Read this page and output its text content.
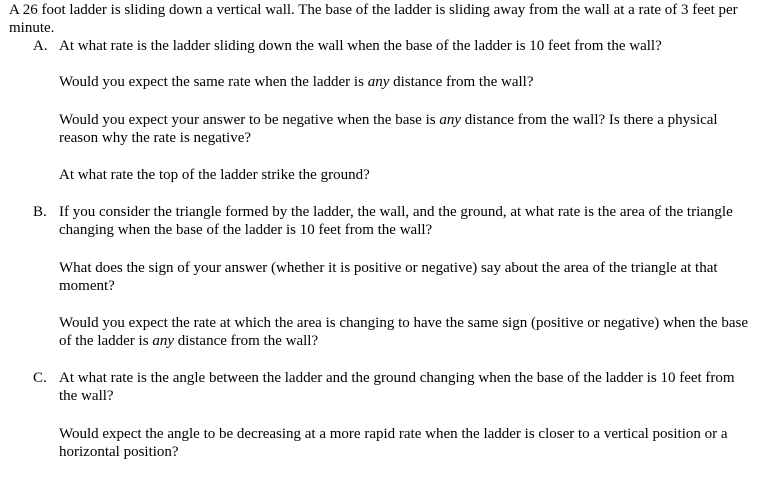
A 26 foot ladder is sliding down a vertical wall. The base of the ladder is sliding away from the wall at a rate of 3 feet per minute.

A. At what rate is the ladder sliding down the wall when the base of the ladder is 10 feet from the wall?

Would you expect the same rate when the ladder is any distance from the wall?

Would you expect your answer to be negative when the base is any distance from the wall? Is there a physical reason why the rate is negative?

At what rate the top of the ladder strike the ground?

B. If you consider the triangle formed by the ladder, the wall, and the ground, at what rate is the area of the triangle changing when the base of the ladder is 10 feet from the wall?

What does the sign of your answer (whether it is positive or negative) say about the area of the triangle at that moment?

Would you expect the rate at which the area is changing to have the same sign (positive or negative) when the base of the ladder is any distance from the wall?

C. At what rate is the angle between the ladder and the ground changing when the base of the ladder is 10 feet from the wall?

Would expect the angle to be decreasing at a more rapid rate when the ladder is closer to a vertical position or a horizontal position?
